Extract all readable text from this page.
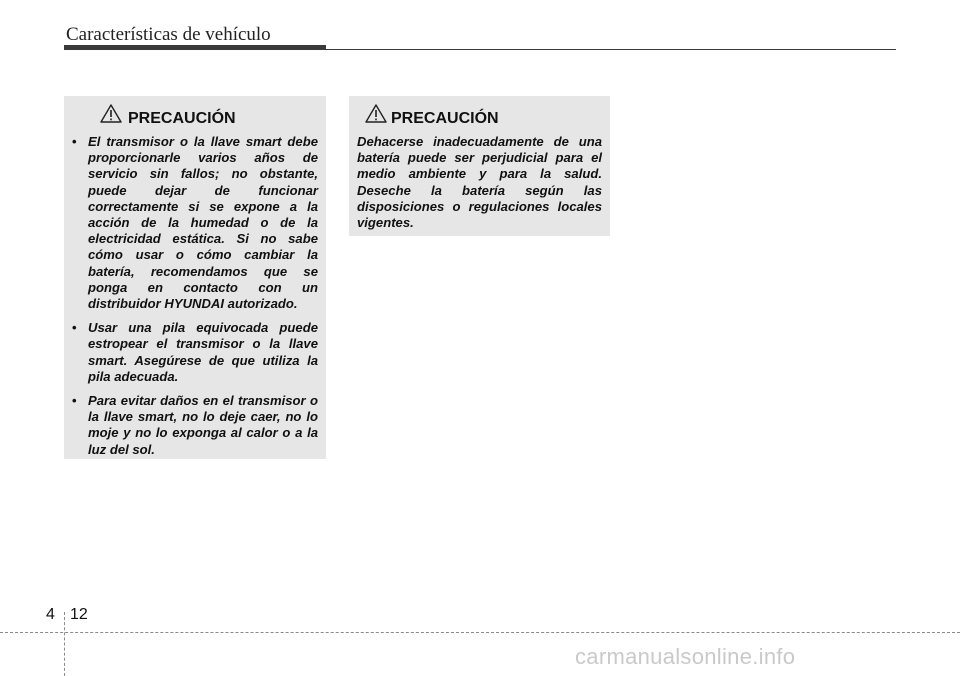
Características de vehículo
PRECAUCIÓN
• El transmisor o la llave smart debe proporcionarle varios años de servicio sin fallos; no obstante, puede dejar de funcionar correctamente si se expone a la acción de la humedad o de la electricidad estática. Si no sabe cómo usar o cómo cambiar la batería, recomendamos que se ponga en contacto con un distribuidor HYUNDAI autorizado.
• Usar una pila equivocada puede estropear el transmisor o la llave smart. Asegúrese de que utiliza la pila adecuada.
• Para evitar daños en el transmisor o la llave smart, no lo deje caer, no lo moje y no lo exponga al calor o a la luz del sol.
PRECAUCIÓN

Dehacerse inadecuadamente de una batería puede ser perjudicial para el medio ambiente y para la salud. Deseche la batería según las disposiciones o regulaciones locales vigentes.

4 12
carmanualsonline.info
